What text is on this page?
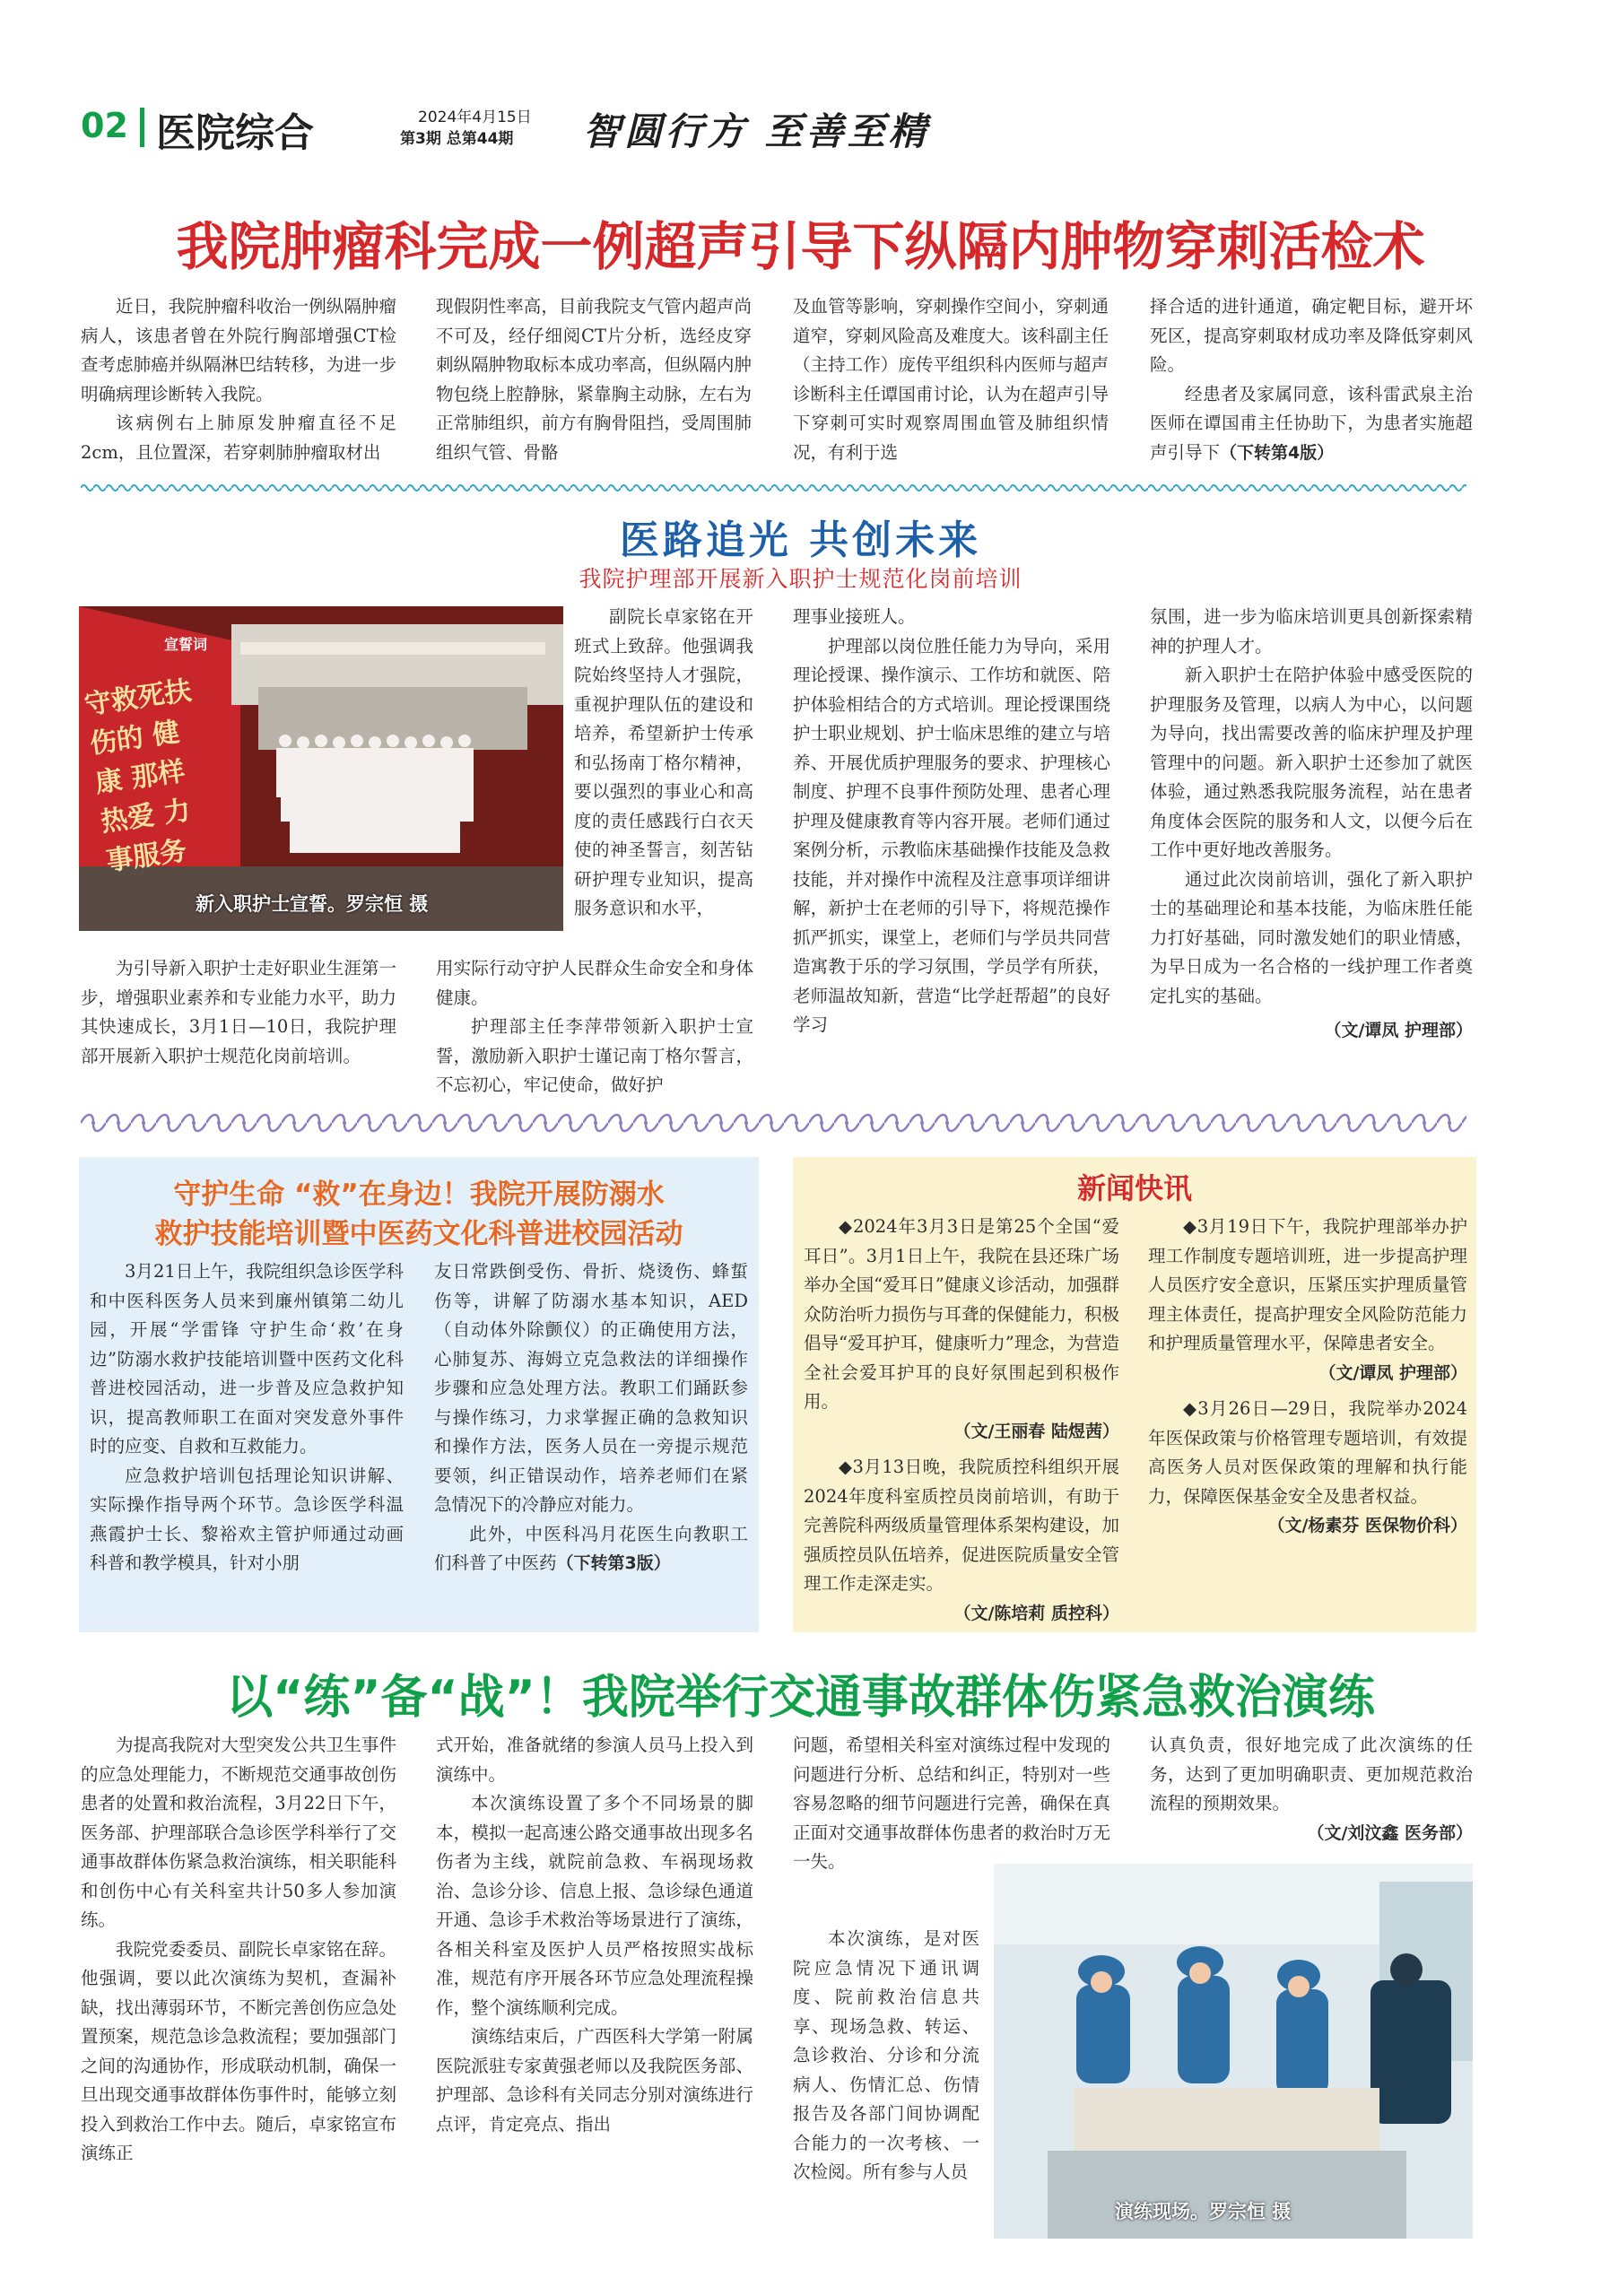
02 医院综合	2024年4月15日
第3期 总第44期 智圆行方 至善至精
我院肿瘤科完成一例超声引导下纵隔内肿物穿刺活检术

近日，我院肿瘤科收治一例纵隔肿瘤病人，该患者曾在外院行胸部增强CT检查考虑肺癌并纵隔淋巴结转移，为进一步明确病理诊断转入我院。

该病例右上肺原发肿瘤直径不足2cm，且位置深，若穿刺肺肿瘤取材出

现假阴性率高，目前我院支气管内超声尚不可及，经仔细阅CT片分析，选经皮穿刺纵隔肿物取标本成功率高，但纵隔内肿物包绕上腔静脉，紧靠胸主动脉，左右为正常肺组织，前方有胸骨阻挡，受周围肺组织气管、骨骼

及血管等影响，穿刺操作空间小，穿刺通道窄，穿刺风险高及难度大。该科副主任（主持工作）庞传平组织科内医师与超声诊断科主任谭国甫讨论，认为在超声引导下穿刺可实时观察周围血管及肺组织情况，有利于选

择合适的进针通道，确定靶目标，避开坏死区，提高穿刺取材成功率及降低穿刺风险。

经患者及家属同意，该科雷武泉主治医师在谭国甫主任协助下，为患者实施超声引导下（下转第4版）

医路追光 共创未来
我院护理部开展新入职护士规范化岗前培训
宣誓词
守救死扶伤的 健康 那样 热爱 力事服务
新入职护士宣誓。罗宗恒 摄

为引导新入职护士走好职业生涯第一步，增强职业素养和专业能力水平，助力其快速成长，3月1日—10日，我院护理部开展新入职护士规范化岗前培训。

副院长卓家铭在开班式上致辞。他强调我院始终坚持人才强院，重视护理队伍的建设和培养，希望新护士传承和弘扬南丁格尔精神，要以强烈的事业心和高度的责任感践行白衣天使的神圣誓言，刻苦钻研护理专业知识，提高服务意识和水平，

用实际行动守护人民群众生命安全和身体健康。

护理部主任李萍带领新入职护士宣誓，激励新入职护士谨记南丁格尔誓言，不忘初心，牢记使命，做好护

理事业接班人。

护理部以岗位胜任能力为导向，采用理论授课、操作演示、工作坊和就医、陪护体验相结合的方式培训。理论授课围绕护士职业规划、护士临床思维的建立与培养、开展优质护理服务的要求、护理核心制度、护理不良事件预防处理、患者心理护理及健康教育等内容开展。老师们通过案例分析，示教临床基础操作技能及急救技能，并对操作中流程及注意事项详细讲解，新护士在老师的引导下，将规范操作抓严抓实，课堂上，老师们与学员共同营造寓教于乐的学习氛围，学员学有所获，老师温故知新，营造“比学赶帮超”的良好学习

氛围，进一步为临床培训更具创新探索精神的护理人才。

新入职护士在陪护体验中感受医院的护理服务及管理，以病人为中心，以问题为导向，找出需要改善的临床护理及护理管理中的问题。新入职护士还参加了就医体验，通过熟悉我院服务流程，站在患者角度体会医院的服务和人文，以便今后在工作中更好地改善服务。

通过此次岗前培训，强化了新入职护士的基础理论和基本技能，为临床胜任能力打好基础，同时激发她们的职业情感，为早日成为一名合格的一线护理工作者奠定扎实的基础。

（文/谭凤 护理部）
守护生命 “救”在身边！我院开展防溺水
救护技能培训暨中医药文化科普进校园活动

3月21日上午，我院组织急诊医学科和中医科医务人员来到廉州镇第二幼儿园，开展“学雷锋 守护生命‘救’在身边”防溺水救护技能培训暨中医药文化科普进校园活动，进一步普及应急救护知识，提高教师职工在面对突发意外事件时的应变、自救和互救能力。

应急救护培训包括理论知识讲解、实际操作指导两个环节。急诊医学科温燕霞护士长、黎裕欢主管护师通过动画科普和教学模具，针对小朋

友日常跌倒受伤、骨折、烧烫伤、蜂蜇伤等，讲解了防溺水基本知识，AED（自动体外除颤仪）的正确使用方法，心肺复苏、海姆立克急救法的详细操作步骤和应急处理方法。教职工们踊跃参与操作练习，力求掌握正确的急救知识和操作方法，医务人员在一旁提示规范要领，纠正错误动作，培养老师们在紧急情况下的冷静应对能力。

此外，中医科冯月花医生向教职工们科普了中医药（下转第3版）

新闻快讯

◆2024年3月3日是第25个全国“爱耳日”。3月1日上午，我院在县还珠广场举办全国“爱耳日”健康义诊活动，加强群众防治听力损伤与耳聋的保健能力，积极倡导“爱耳护耳，健康听力”理念，为营造全社会爱耳护耳的良好氛围起到积极作用。

（文/王丽春 陆煜茜）

◆3月13日晚，我院质控科组织开展2024年度科室质控员岗前培训，有助于完善院科两级质量管理体系架构建设，加强质控员队伍培养，促进医院质量安全管理工作走深走实。

（文/陈培莉 质控科）

◆3月19日下午，我院护理部举办护理工作制度专题培训班，进一步提高护理人员医疗安全意识，压紧压实护理质量管理主体责任，提高护理安全风险防范能力和护理质量管理水平，保障患者安全。

（文/谭凤 护理部）

◆3月26日—29日，我院举办2024年医保政策与价格管理专题培训，有效提高医务人员对医保政策的理解和执行能力，保障医保基金安全及患者权益。

（文/杨素芬 医保物价科）
以“练”备“战”！我院举行交通事故群体伤紧急救治演练

为提高我院对大型突发公共卫生事件的应急处理能力，不断规范交通事故创伤患者的处置和救治流程，3月22日下午，医务部、护理部联合急诊医学科举行了交通事故群体伤紧急救治演练，相关职能科和创伤中心有关科室共计50多人参加演练。

我院党委委员、副院长卓家铭在辞。他强调，要以此次演练为契机，查漏补缺，找出薄弱环节，不断完善创伤应急处置预案，规范急诊急救流程；要加强部门之间的沟通协作，形成联动机制，确保一旦出现交通事故群体伤事件时，能够立刻投入到救治工作中去。随后，卓家铭宣布演练正

式开始，准备就绪的参演人员马上投入到演练中。

本次演练设置了多个不同场景的脚本，模拟一起高速公路交通事故出现多名伤者为主线，就院前急救、车祸现场救治、急诊分诊、信息上报、急诊绿色通道开通、急诊手术救治等场景进行了演练，各相关科室及医护人员严格按照实战标准，规范有序开展各环节应急处理流程操作，整个演练顺利完成。

演练结束后，广西医科大学第一附属医院派驻专家黄强老师以及我院医务部、护理部、急诊科有关同志分别对演练进行点评，肯定亮点、指出

问题，希望相关科室对演练过程中发现的问题进行分析、总结和纠正，特别对一些容易忽略的细节问题进行完善，确保在真正面对交通事故群体伤患者的救治时万无一失。

本次演练，是对医院应急情况下通讯调度、院前救治信息共享、现场急救、转运、急诊救治、分诊和分流病人、伤情汇总、伤情报告及各部门间协调配合能力的一次考核、一次检阅。所有参与人员

认真负责，很好地完成了此次演练的任务，达到了更加明确职责、更加规范救治流程的预期效果。

（文/刘汶鑫 医务部）
演练现场。罗宗恒 摄
